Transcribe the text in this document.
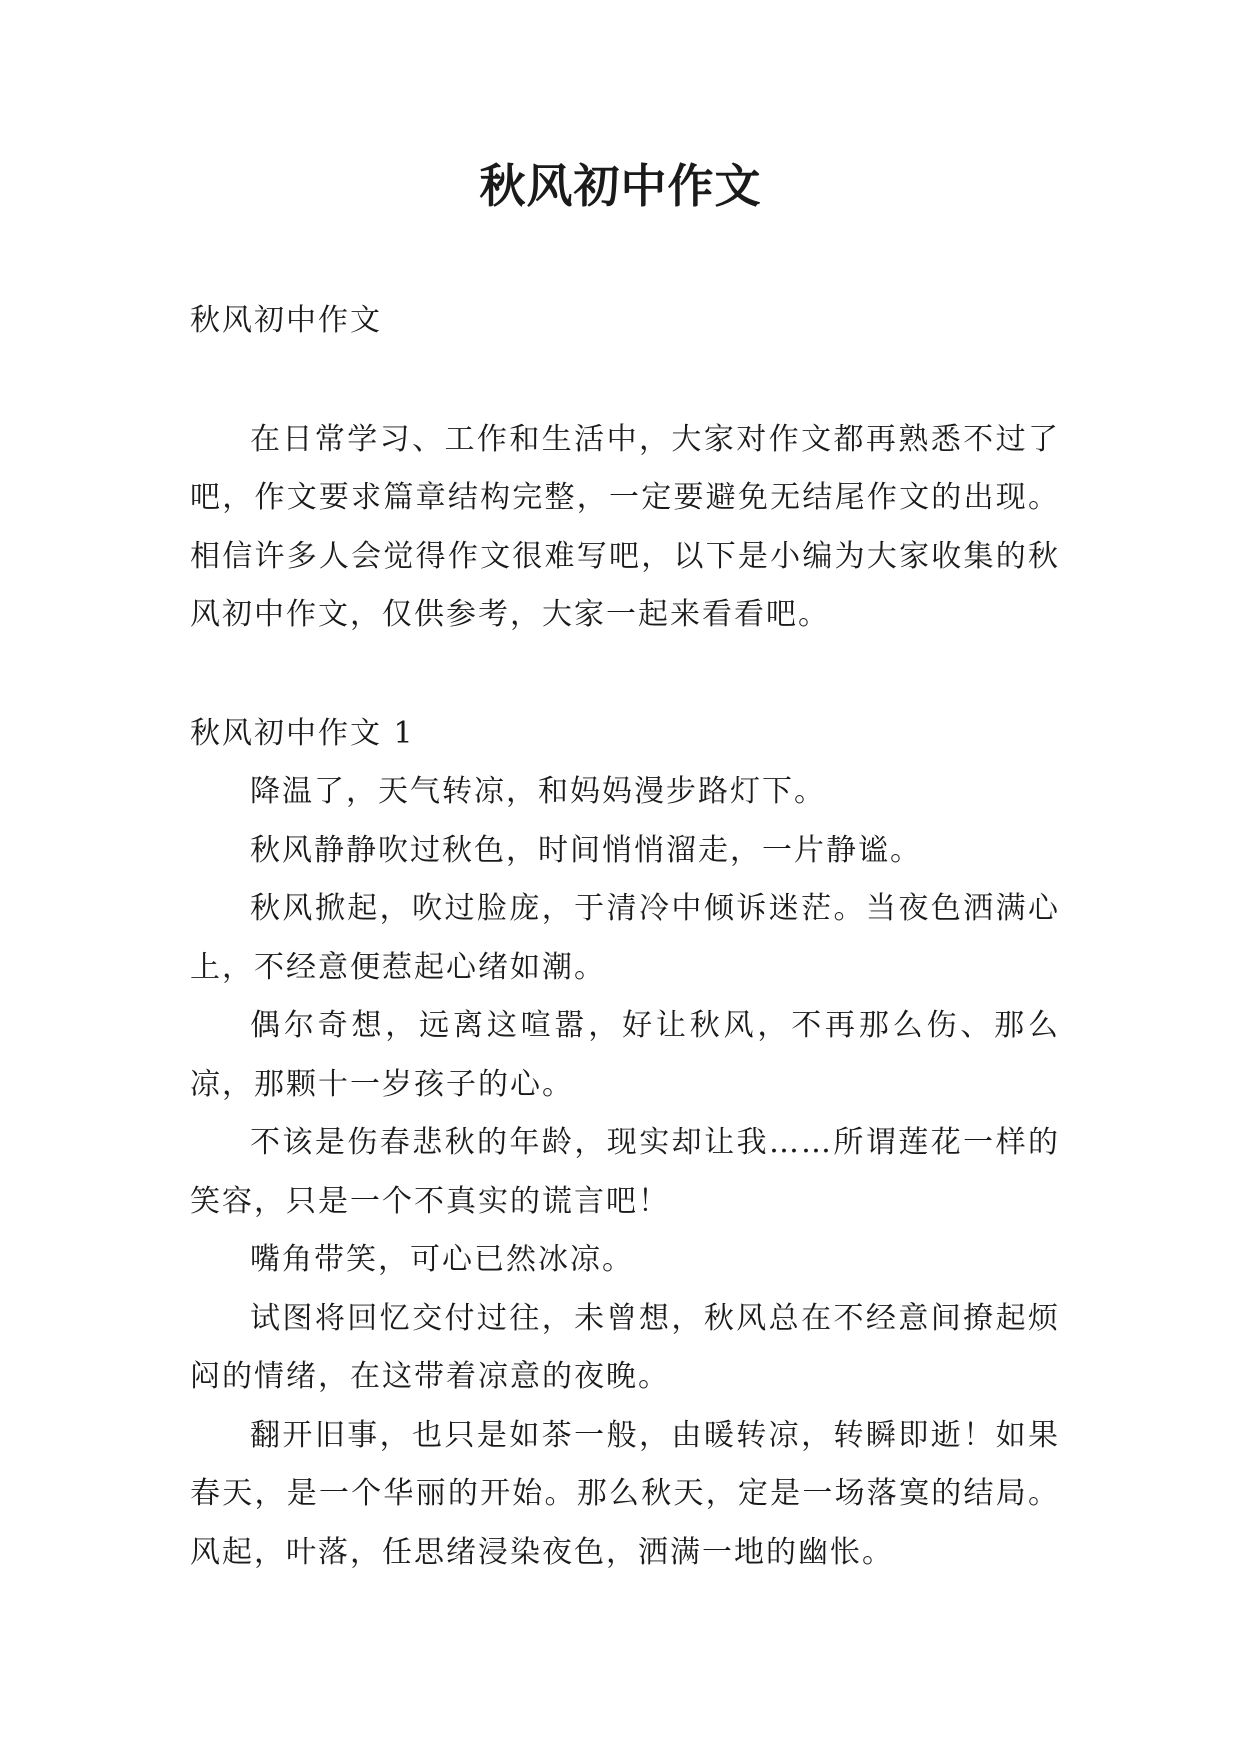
秋风初中作文

秋风初中作文

在日常学习、工作和生活中，大家对作文都再熟悉不过了吧，作文要求篇章结构完整，一定要避免无结尾作文的出现。相信许多人会觉得作文很难写吧，以下是小编为大家收集的秋风初中作文，仅供参考，大家一起来看看吧。

秋风初中作文 1

降温了，天气转凉，和妈妈漫步路灯下。

秋风静静吹过秋色，时间悄悄溜走，一片静谧。

秋风掀起，吹过脸庞，于清冷中倾诉迷茫。当夜色洒满心上，不经意便惹起心绪如潮。

偶尔奇想，远离这喧嚣，好让秋风，不再那么伤、那么凉，那颗十一岁孩子的心。

不该是伤春悲秋的年龄，现实却让我……所谓莲花一样的笑容，只是一个不真实的谎言吧！

嘴角带笑，可心已然冰凉。

试图将回忆交付过往，未曾想，秋风总在不经意间撩起烦闷的情绪，在这带着凉意的夜晚。

翻开旧事，也只是如茶一般，由暖转凉，转瞬即逝！如果春天，是一个华丽的开始。那么秋天，定是一场落寞的结局。风起，叶落，任思绪浸染夜色，洒满一地的幽怅。
